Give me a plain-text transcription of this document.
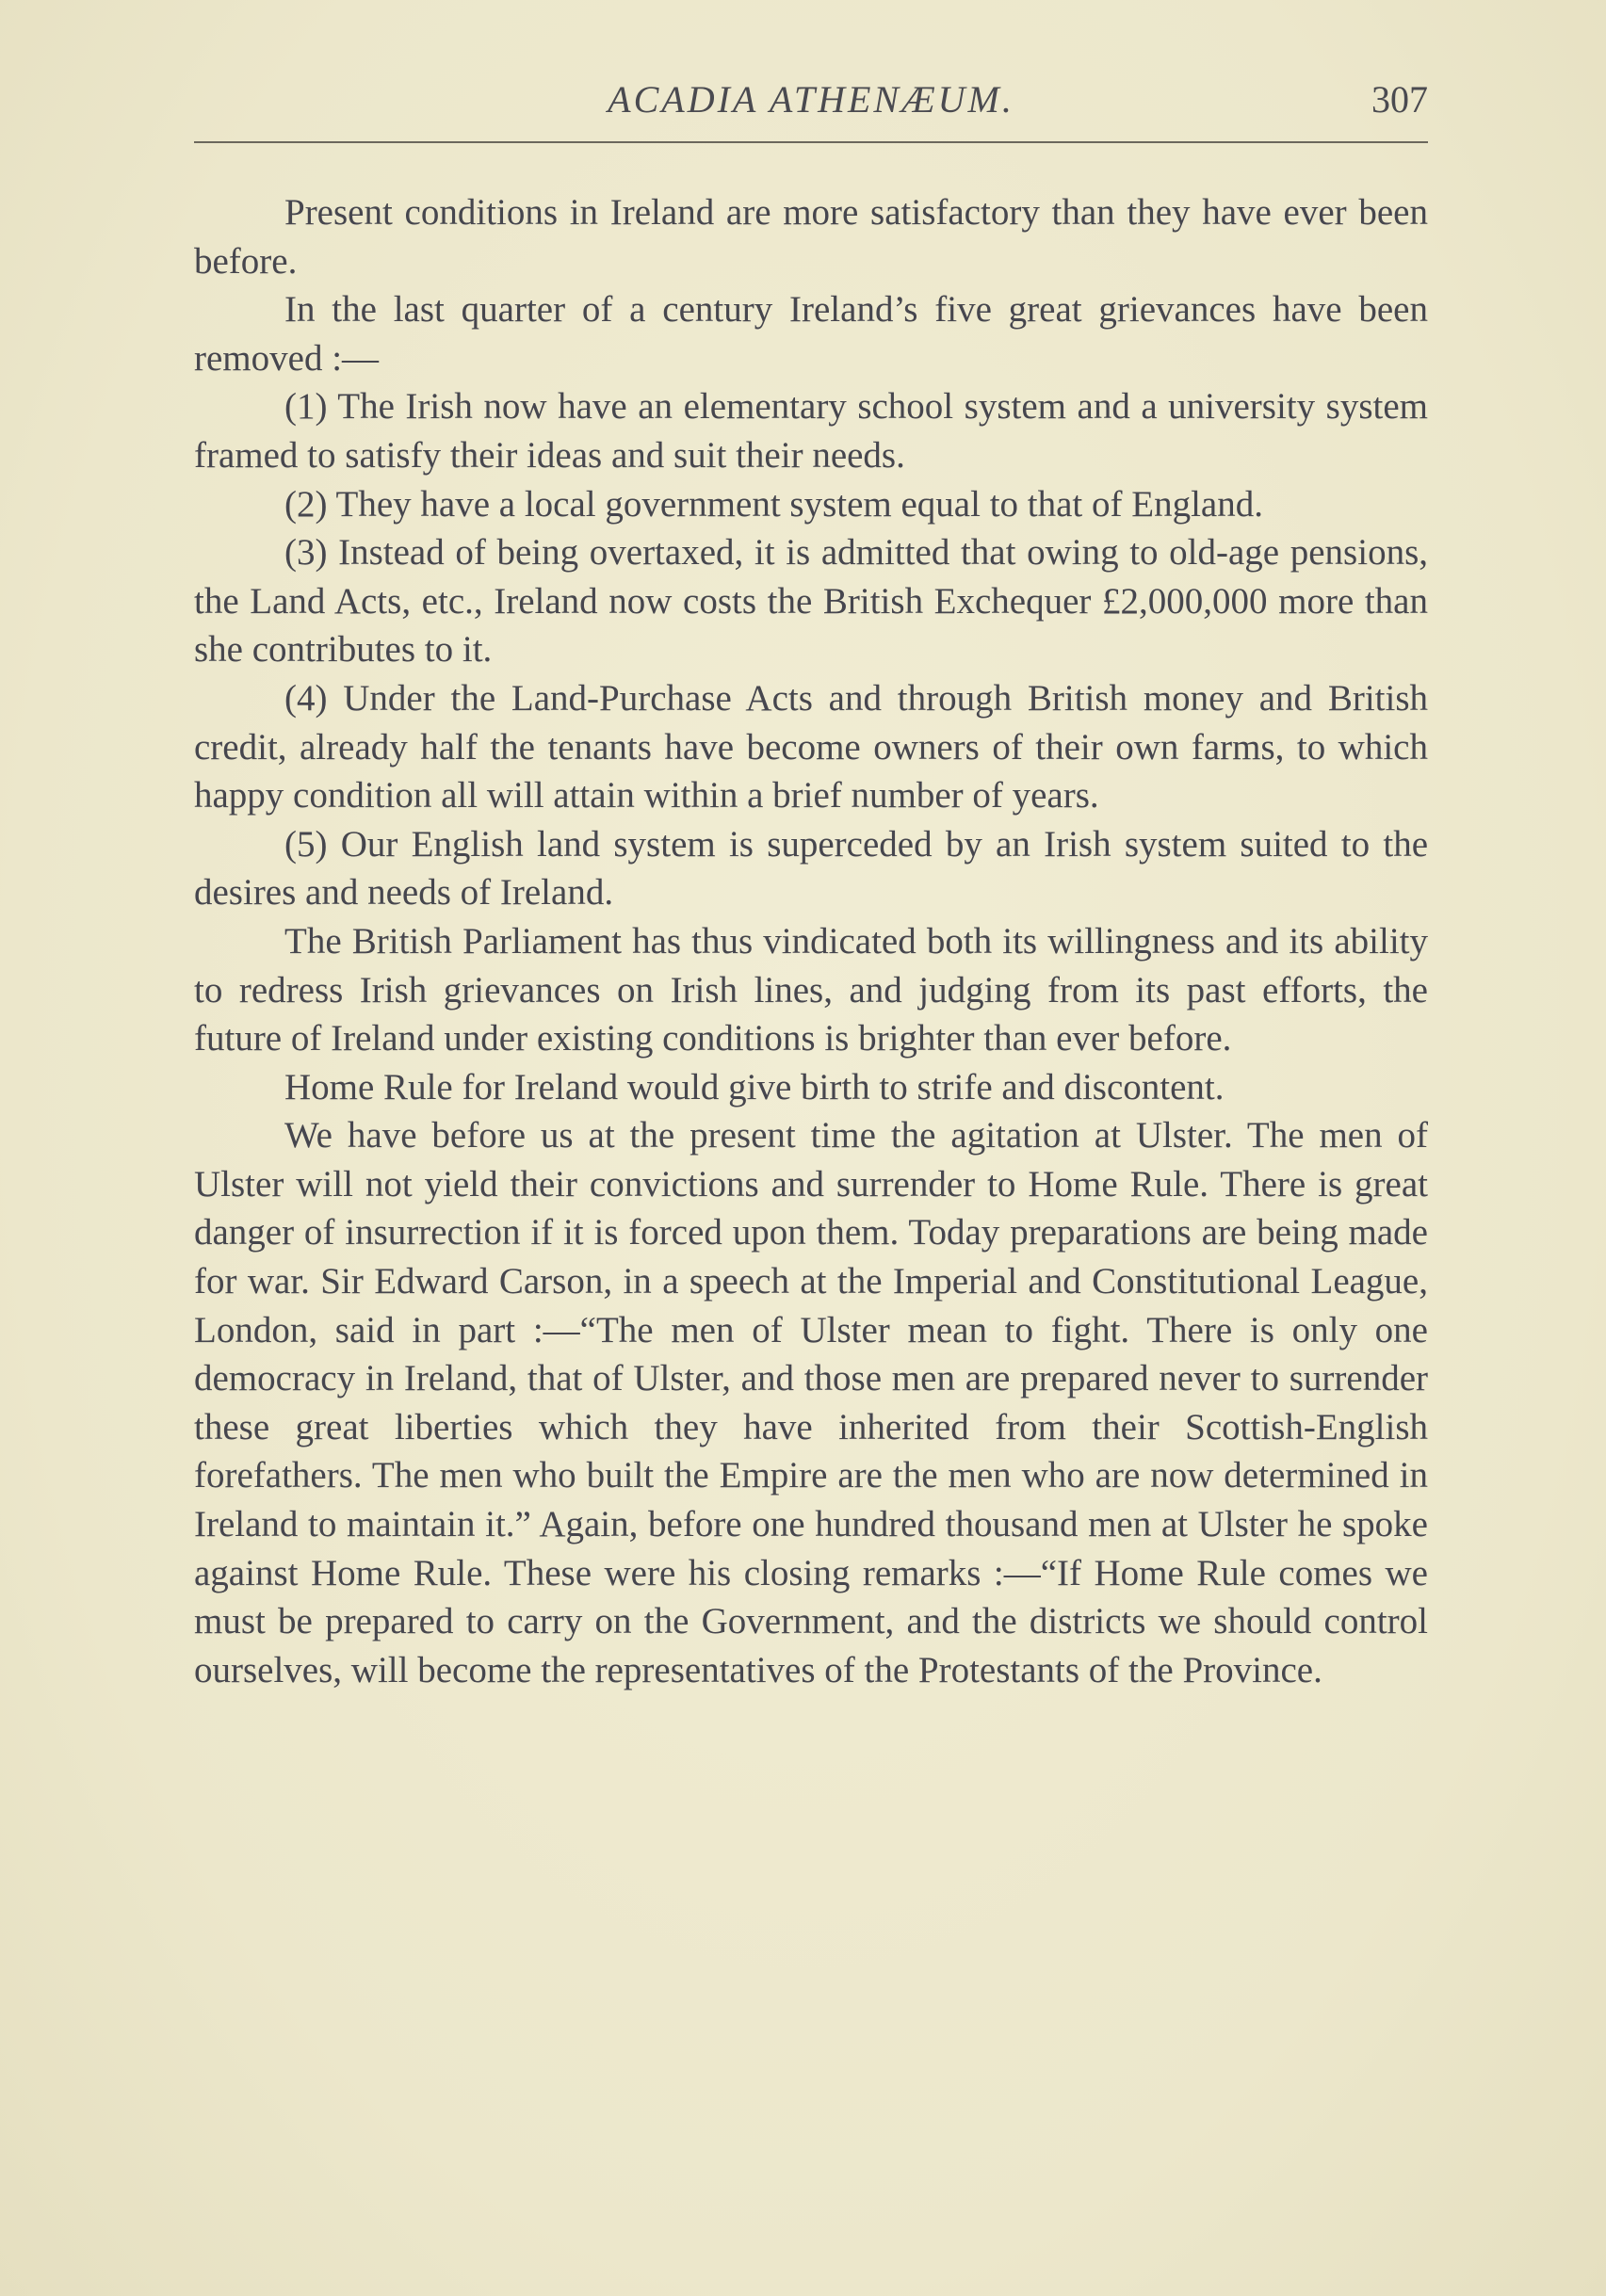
ACADIA ATHENÆUM.	307

Present conditions in Ireland are more satisfactory than they have ever been before.

In the last quarter of a century Ireland’s five great grievances have been removed :—

(1) The Irish now have an elementary school system and a university system framed to satisfy their ideas and suit their needs.

(2) They have a local government system equal to that of England.

(3) Instead of being overtaxed, it is admitted that owing to old-age pensions, the Land Acts, etc., Ireland now costs the British Exchequer £2,000,000 more than she contributes to it.

(4) Under the Land-Purchase Acts and through British money and British credit, already half the tenants have become owners of their own farms, to which happy condition all will attain within a brief number of years.

(5) Our English land system is superceded by an Irish system suited to the desires and needs of Ireland.

The British Parliament has thus vindicated both its willingness and its ability to redress Irish grievances on Irish lines, and judging from its past efforts, the future of Ireland under existing conditions is brighter than ever before.

Home Rule for Ireland would give birth to strife and discontent.

We have before us at the present time the agitation at Ulster. The men of Ulster will not yield their convictions and surrender to Home Rule. There is great danger of insurrection if it is forced upon them. Today preparations are being made for war. Sir Edward Carson, in a speech at the Imperial and Constitutional League, London, said in part :—“The men of Ulster mean to fight. There is only one democracy in Ireland, that of Ulster, and those men are prepared never to surrender these great liberties which they have inherited from their Scottish-English forefathers. The men who built the Empire are the men who are now determined in Ireland to maintain it.” Again, before one hundred thousand men at Ulster he spoke against Home Rule. These were his closing remarks :—“If Home Rule comes we must be prepared to carry on the Government, and the districts we should control ourselves, will become the representatives of the Protestants of the Province.
